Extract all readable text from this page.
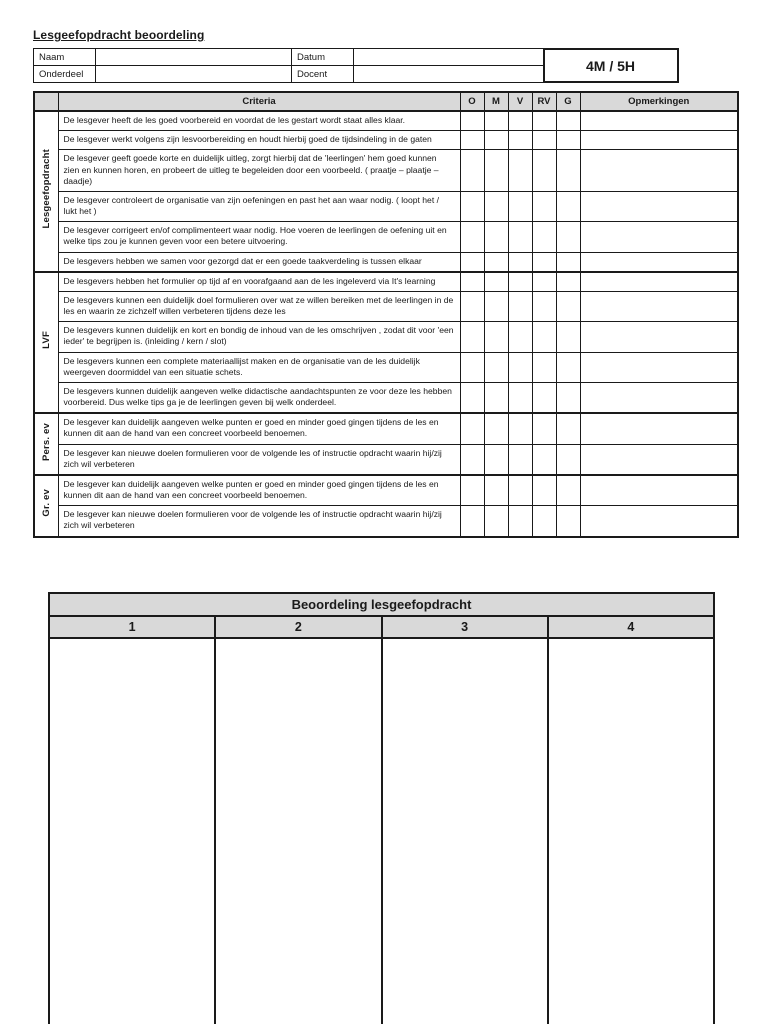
Lesgeefopdracht beoordeling
Naam		Datum	
Onderdeel		Docent	
4M / 5H
	Criteria	O	M	V	RV	G	Opmerkingen
Lesgeefopdracht	De lesgever heeft de les goed voorbereid en voordat de les gestart wordt staat alles klaar.						
	De lesgever werkt volgens zijn lesvoorbereiding en houdt hierbij goed de tijdsindeling in de gaten						
	De lesgever geeft goede korte en duidelijk uitleg, zorgt hierbij dat de 'leerlingen' hem goed kunnen zien en kunnen horen, en probeert de uitleg te begeleiden door een voorbeeld. ( praatje – plaatje – daadje)						
	De lesgever controleert de organisatie van zijn oefeningen en past het aan waar nodig. ( loopt het / lukt het )						
	De lesgever corrigeert en/of complimenteert waar nodig. Hoe voeren de leerlingen de oefening uit en welke tips zou je kunnen geven voor een betere uitvoering.						
	De lesgevers hebben we samen voor gezorgd dat er een goede taakverdeling is tussen elkaar						
LVF	De lesgevers hebben het formulier op tijd af en voorafgaand aan de les ingeleverd via It's learning						
	De lesgevers kunnen een duidelijk doel formulieren over wat ze willen bereiken met de leerlingen in de les en waarin ze zichzelf willen verbeteren tijdens deze les						
	De lesgevers kunnen duidelijk en kort en bondig de inhoud van de les omschrijven , zodat dit voor 'een ieder' te begrijpen is. (inleiding / kern / slot)						
	De lesgevers kunnen een complete materiaallijst maken en de organisatie van de les duidelijk weergeven doormiddel van een situatie schets.						
	De lesgevers kunnen duidelijk aangeven welke didactische aandachtspunten ze voor deze les hebben voorbereid. Dus welke tips ga je de leerlingen geven bij welk onderdeel.						
Pers. ev	De lesgever kan duidelijk aangeven welke punten er goed en minder goed gingen tijdens de les en kunnen dit aan de hand van een concreet voorbeeld benoemen.						
	De lesgever kan nieuwe doelen formulieren voor de volgende les of instructie opdracht waarin hij/zij zich wil verbeteren						
Gr. ev	De lesgever kan duidelijk aangeven welke punten er goed en minder goed gingen tijdens de les en kunnen dit aan de hand van een concreet voorbeeld benoemen.						
	De lesgever kan nieuwe doelen formulieren voor de volgende les of instructie opdracht waarin hij/zij zich wil verbeteren						
Beoordeling lesgeefopdracht			
1	2	3	4
